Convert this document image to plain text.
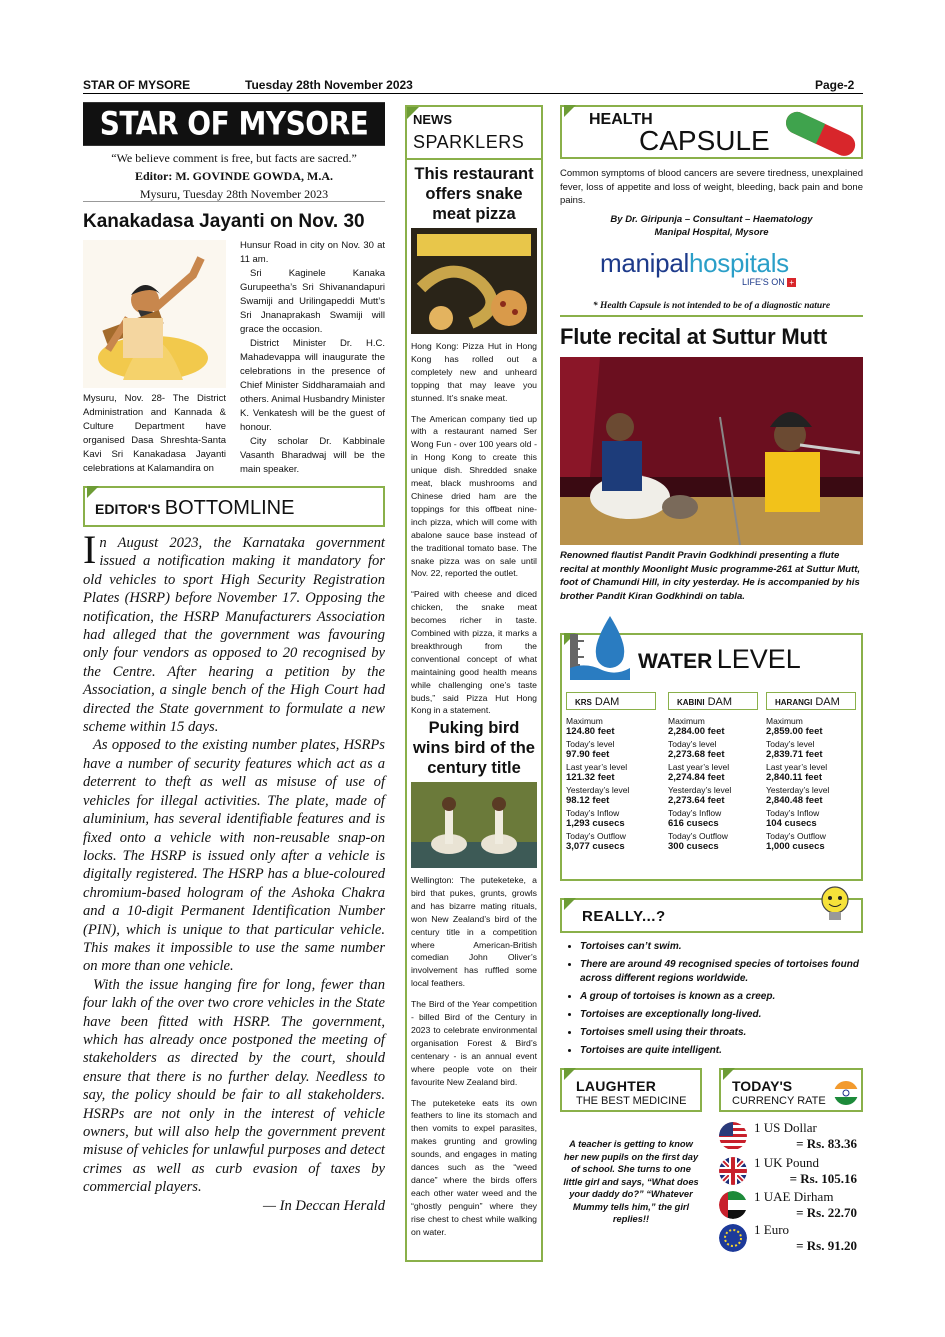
STAR OF MYSORE	Tuesday 28th November 2023	Page-2
STAR OF MYSORE
“We believe comment is free, but facts are sacred.”
Editor: M. GOVINDE GOWDA, M.A.
Mysuru, Tuesday 28th November 2023
Kanakadasa Jayanti on Nov. 30
Mysuru, Nov. 28- The District Administration and Kannada & Culture Department have organised Dasa Shreshta-Santa Kavi Sri Kanakadasa Jayanti celebrations at Kalamandira on

Hunsur Road in city on Nov. 30 at 11 am.

Sri Kaginele Kanaka Gurupeetha’s Sri Shivanandapuri Swamiji and Urilingapeddi Mutt’s Sri Jnanaprakash Swamiji will grace the occasion.

District Minister Dr. H.C. Mahadevappa will inaugurate the celebrations in the presence of Chief Minister Siddharamaiah and others. Animal Husbandry Minister K. Venkatesh will be the guest of honour.

City scholar Dr. Kabbinale Vasanth Bharadwaj will be the main speaker.

EDITOR'S BOTTOMLINE

In August 2023, the Karnataka government issued a notification making it mandatory for old vehicles to sport High Security Registration Plates (HSRP) before November 17. Opposing the notification, the HSRP Manufacturers Association had alleged that the government was favouring only four vendors as opposed to 20 recognised by the Centre. After hearing a petition by the Association, a single bench of the High Court had directed the State government to formulate a new scheme within 15 days.

As opposed to the existing number plates, HSRPs have a number of security features which act as a deterrent to theft as well as misuse of use of vehicles for illegal activities. The plate, made of aluminium, has several identifiable features and is fixed onto a vehicle with non-reusable snap-on locks. The HSRP is issued only after a vehicle is digitally registered. The HSRP has a blue-coloured chromium-based hologram of the Ashoka Chakra and a 10-digit Permanent Identification Number (PIN), which is unique to that particular vehicle. This makes it impossible to use the same number on more than one vehicle.

With the issue hanging fire for long, fewer than four lakh of the over two crore vehicles in the State have been fitted with HSRP. The government, which has already once postponed the meeting of stakeholders as directed by the court, should ensure that there is no further delay. Needless to say, the policy should be fair to all stakeholders. HSRPs are not only in the interest of vehicle owners, but will also help the government prevent misuse of vehicles for unlawful purposes and detect crimes as well as curb evasion of taxes by commercial players.

— In Deccan Herald

NEWS
SPARKLERS
This restaurant offers snake meat pizza

Hong Kong: Pizza Hut in Hong Kong has rolled out a completely new and unheard topping that may leave you stunned. It’s snake meat.

The American company tied up with a restaurant named Ser Wong Fun - over 100 years old - in Hong Kong to create this unique dish. Shredded snake meat, black mushrooms and Chinese dried ham are the toppings for this offbeat nine-inch pizza, which will come with abalone sauce base instead of the traditional tomato base. The snake pizza was on sale until Nov. 22, reported the outlet.

“Paired with cheese and diced chicken, the snake meat becomes richer in taste. Combined with pizza, it marks a breakthrough from the conventional concept of what maintaining good health means while challenging one’s taste buds,” said Pizza Hut Hong Kong in a statement.

Puking bird wins bird of the century title

Wellington: The puteketeke, a bird that pukes, grunts, growls and has bizarre mating rituals, won New Zealand’s bird of the century title in a competition where American-British comedian John Oliver’s involvement has ruffled some local feathers.

The Bird of the Year competition - billed Bird of the Century in 2023 to celebrate environmental organisation Forest & Bird’s centenary - is an annual event where people vote on their favourite New Zealand bird.

The puteketeke eats its own feathers to line its stomach and then vomits to expel parasites, makes grunting and growling sounds, and engages in mating dances such as the “weed dance” where the birds offers each other water weed and the “ghostly penguin” where they rise chest to chest while walking on water.

HEALTH
CAPSULE
Common symptoms of blood cancers are severe tiredness, unexplained fever, loss of appetite and loss of weight, bleeding, back pain and bone pains.
By Dr. Giripunja – Consultant – Haematology
Manipal Hospital, Mysore
manipalhospitals
LIFE'S ON +
* Health Capsule is not intended to be of a diagnostic nature
Flute recital at Suttur Mutt
Renowned flautist Pandit Pravin Godkhindi presenting a flute recital at monthly Moonlight Music programme-261 at Suttur Mutt, foot of Chamundi Hill, in city yesterday. He is accompanied by his brother Pandit Kiran Godkhindi on tabla.
WATER LEVEL
KRS DAM
Maximum
124.80 feet
Today’s level
97.90 feet
Last year’s level
121.32 feet
Yesterday’s level
98.12 feet
Today’s Inflow
1,293 cusecs
Today’s Outflow
3,077 cusecs
KABINI DAM
Maximum
2,284.00 feet
Today’s level
2,273.68 feet
Last year’s level
2,274.84 feet
Yesterday’s level
2,273.64 feet
Today’s Inflow
616 cusecs
Today’s Outflow
300 cusecs
HARANGI DAM
Maximum
2,859.00 feet
Today’s level
2,839.71 feet
Last year’s level
2,840.11 feet
Yesterday’s level
2,840.48 feet
Today’s Inflow
104 cusecs
Today’s Outflow
1,000 cusecs
REALLY...?
• Tortoises can’t swim.
• There are around 49 recognised species of tortoises found across different regions worldwide.
• A group of tortoises is known as a creep.
• Tortoises are exceptionally long-lived.
• Tortoises smell using their throats.
• Tortoises are quite intelligent.
LAUGHTER
THE BEST MEDICINE
A teacher is getting to know her new pupils on the first day of school. She turns to one little girl and says, “What does your daddy do?” “Whatever Mummy tells him,” the girl replies!!
TODAY'S
CURRENCY RATE
1 US Dollar
= Rs. 83.36
1 UK Pound
= Rs. 105.16
1 UAE Dirham
= Rs. 22.70
1 Euro
= Rs. 91.20
